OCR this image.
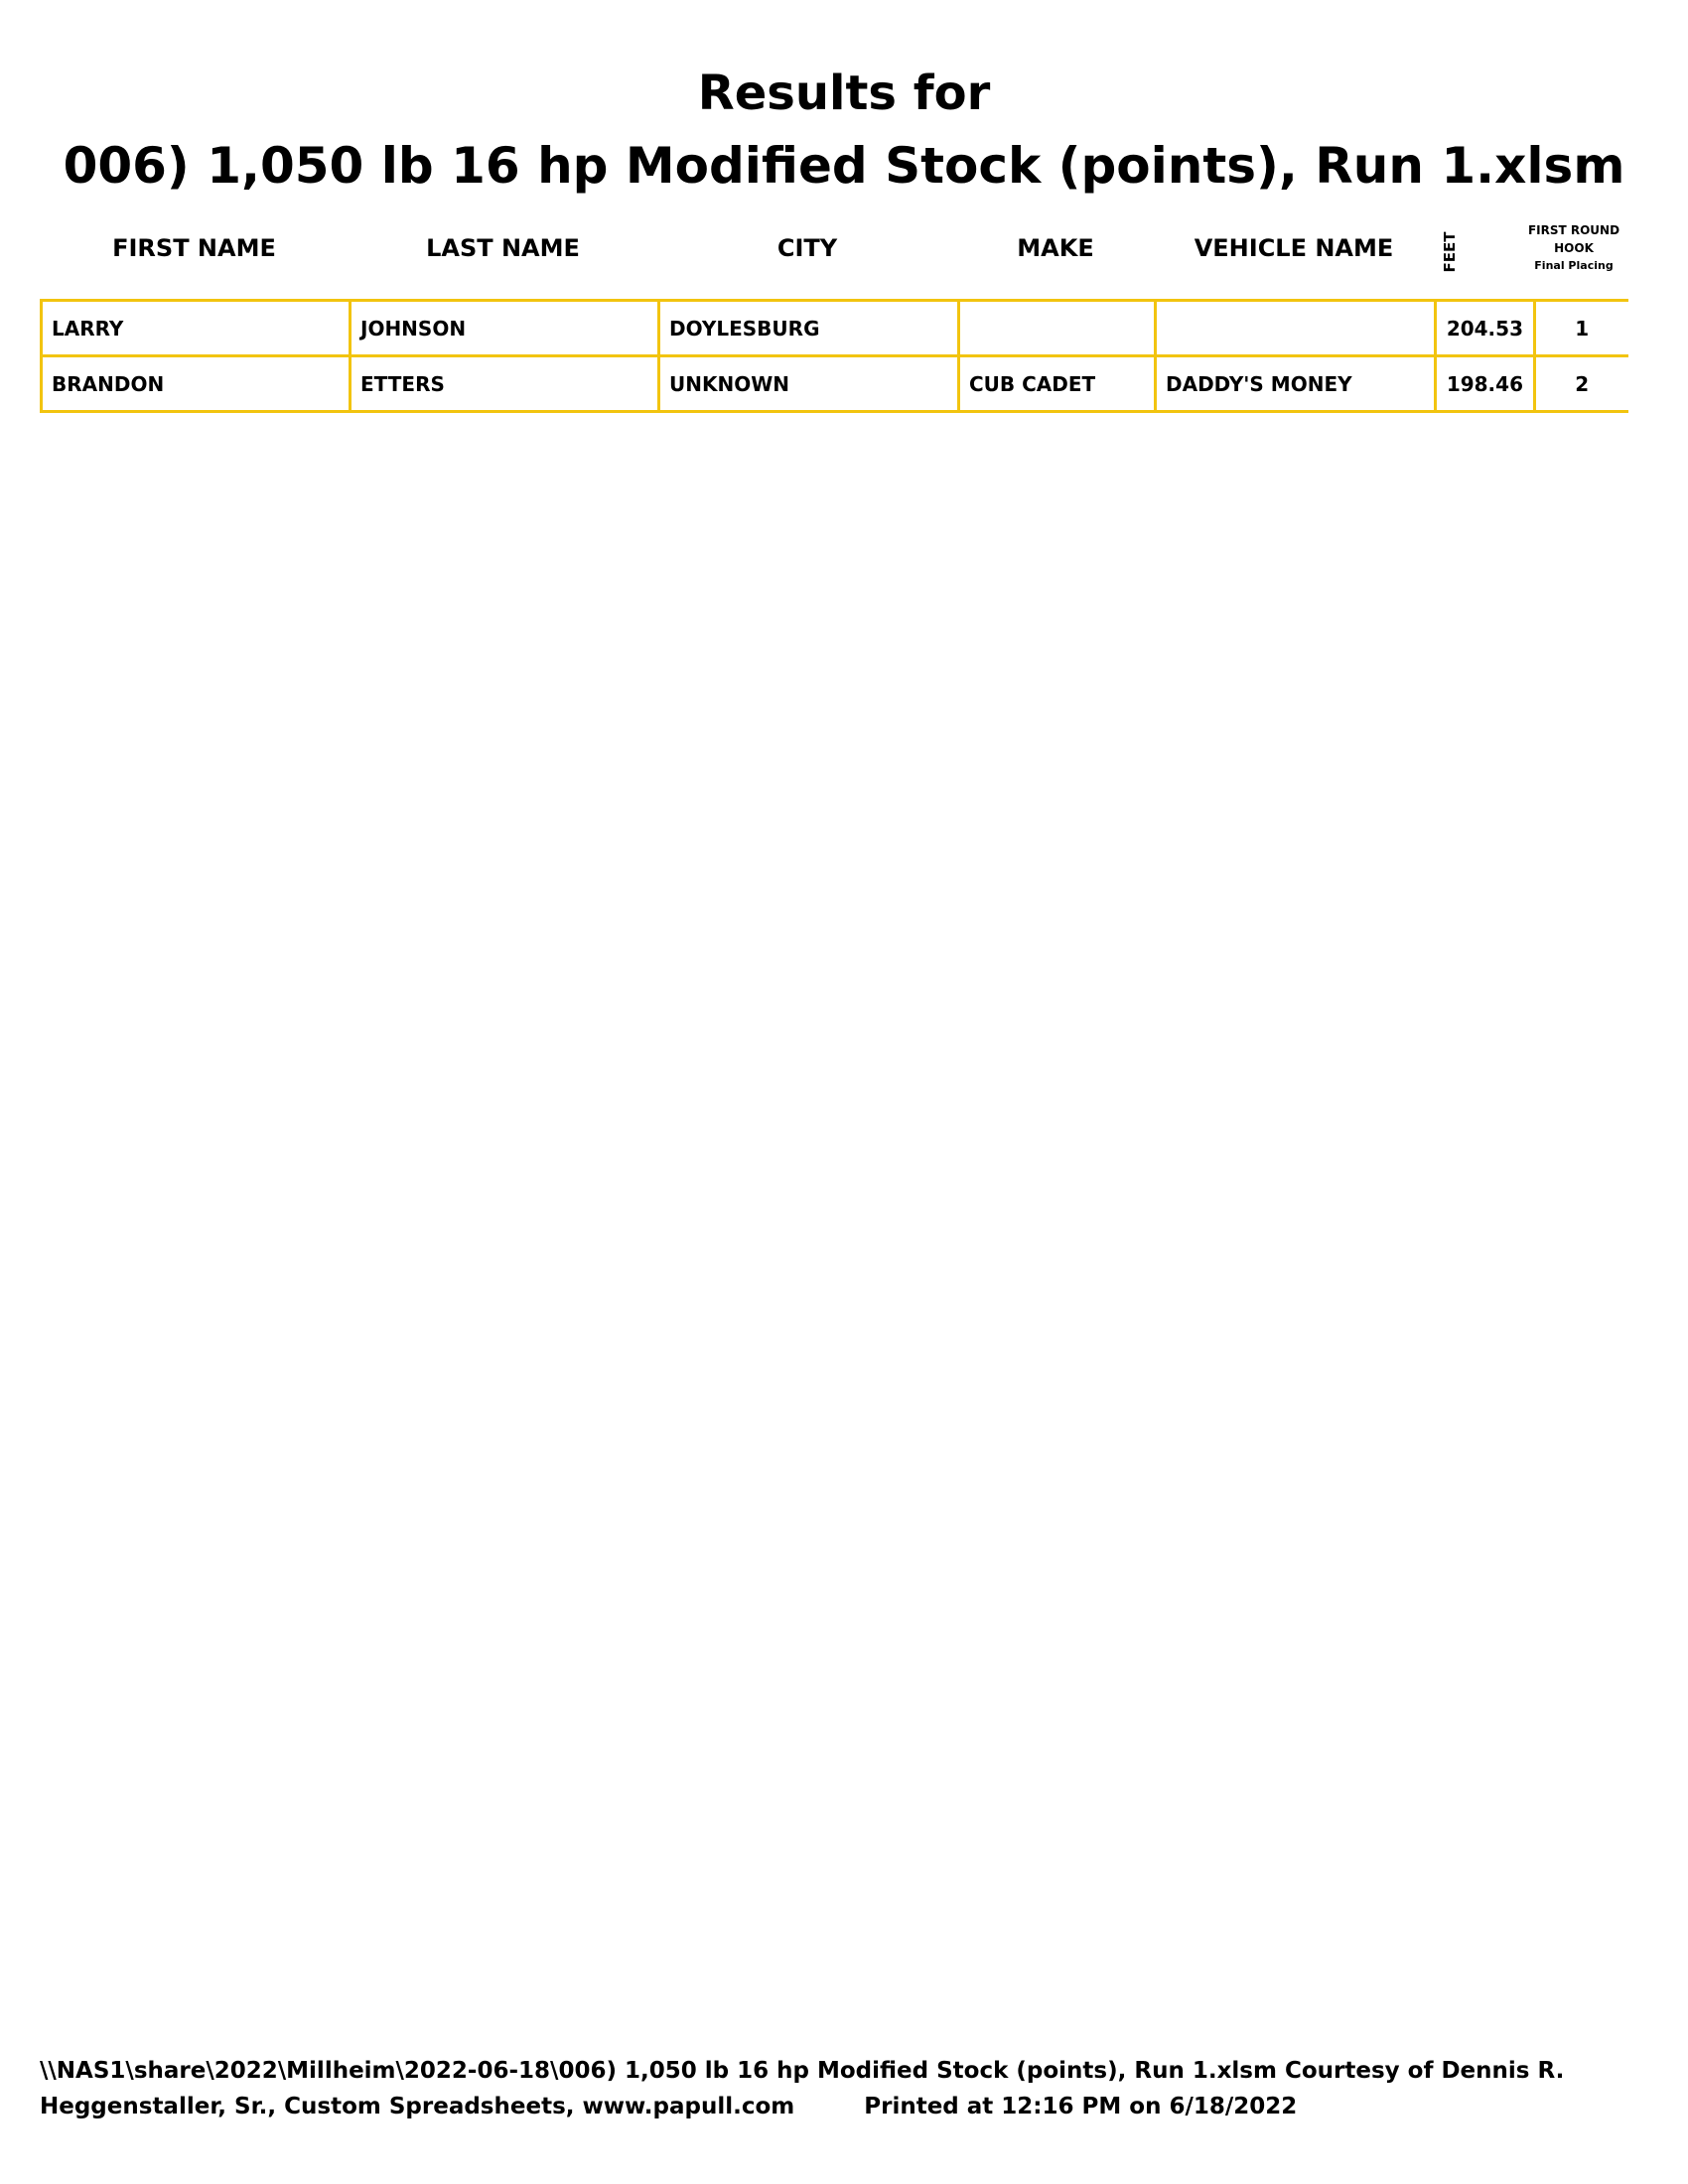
Results for
006) 1,050 lb 16 hp Modified Stock (points), Run 1.xlsm
FIRST NAME	LAST NAME	CITY	MAKE	VEHICLE NAME	FEET
FIRST ROUND
HOOK
Final Placing
LARRY	JOHNSON	DOYLESBURG			204.53	1
BRANDON	ETTERS	UNKNOWN	CUB CADET	DADDY'S MONEY	198.46	2
\\NAS1\share\2022\Millheim\2022-06-18\006) 1,050 lb 16 hp Modified Stock (points), Run 1.xlsm Courtesy of Dennis R. Heggenstaller, Sr., Custom Spreadsheets, www.papull.com	Printed at 12:16 PM on 6/18/2022
